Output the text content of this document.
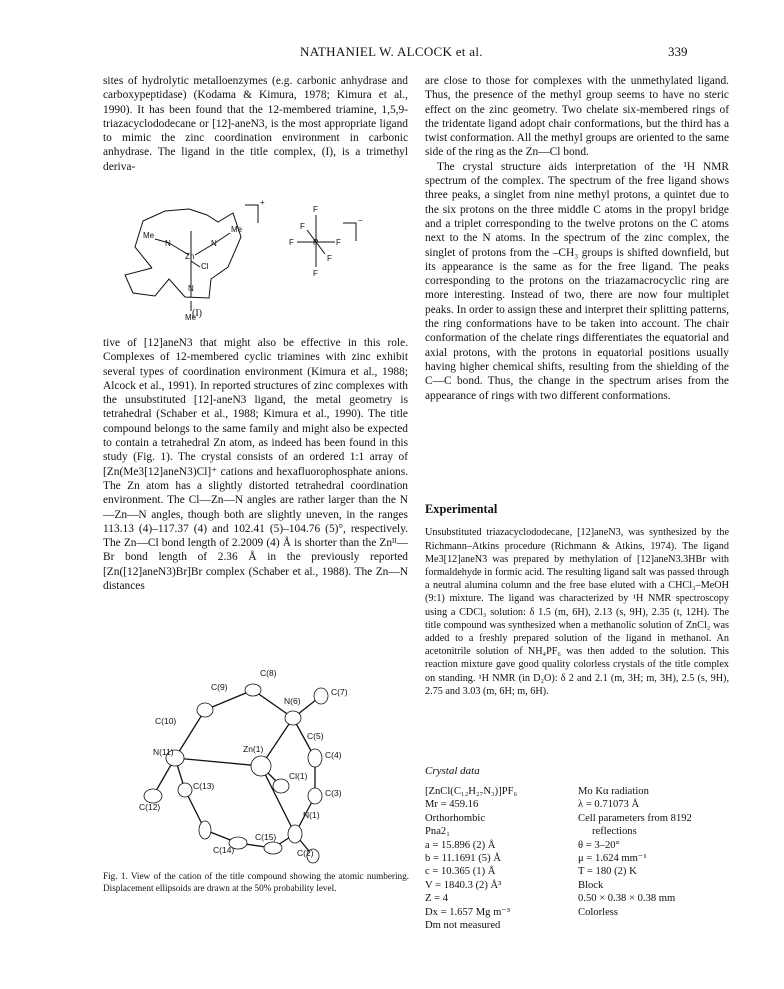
NATHANIEL W. ALCOCK et al.	339

sites of hydrolytic metalloenzymes (e.g. carbonic anhydrase and carboxypeptidase) (Kodama & Kimura, 1978; Kimura et al., 1990). It has been found that the 12-membered triamine, 1,5,9-triazacyclododecane or [12]-aneN3, is the most appropriate ligand to mimic the zinc coordination environment in carbonic anhydrase. The ligand in the title complex, (I), is a trimethyl deriva-

Me
N	N
Me
Zn
Cl
N
Me
+
F
F
F P F
F
F
−
(I)

tive of [12]aneN3 that might also be effective in this role. Complexes of 12-membered cyclic triamines with zinc exhibit several types of coordination environment (Kimura et al., 1988; Alcock et al., 1991). In reported structures of zinc complexes with the unsubstituted [12]-aneN3 ligand, the metal geometry is tetrahedral (Schaber et al., 1988; Kimura et al., 1990). The title compound belongs to the same family and might also be expected to contain a tetrahedral Zn atom, as indeed has been found in this study (Fig. 1). The crystal consists of an ordered 1:1 array of [Zn(Me3[12]aneN3)Cl]⁺ cations and hexafluorophosphate anions. The Zn atom has a slightly distorted tetrahedral coordination environment. The Cl—Zn—N angles are rather larger than the N—Zn—N angles, though both are slightly uneven, in the ranges 113.13 (4)–117.37 (4) and 102.41 (5)–104.76 (5)°, respectively. The Zn—Cl bond length of 2.2009 (4) Å is shorter than the Znᴵᴵ—Br bond length of 2.36 Å in the previously reported [Zn([12]aneN3)Br]Br complex (Schaber et al., 1988). The Zn—N distances

C(8)
C(9)
N(6)
C(7)
C(10)
C(5)
C(4)
Zn(1)
N(11)
Cl(1)
C(3)
C(13)
C(12)
N(1)
C(15)
C(14)	C(2)
Fig. 1. View of the cation of the title compound showing the atomic numbering. Displacement ellipsoids are drawn at the 50% probability level.

are close to those for complexes with the unmethylated ligand. Thus, the presence of the methyl group seems to have no steric effect on the zinc geometry. Two chelate six-membered rings of the tridentate ligand adopt chair conformations, but the third has a twist conformation. All the methyl groups are oriented to the same side of the ring as the Zn—Cl bond.

The crystal structure aids interpretation of the ¹H NMR spectrum of the complex. The spectrum of the free ligand shows three peaks, a singlet from nine methyl protons, a quintet due to the six protons on the three middle C atoms in the propyl bridge and a triplet corresponding to the twelve protons on the C atoms next to the N atoms. In the spectrum of the zinc complex, the singlet of protons from the –CH₃ groups is shifted downfield, but its appearance is the same as for the free ligand. The peaks corresponding to the protons on the triazamacrocyclic ring are more interesting. Instead of two, there are now four multiplet peaks. In order to assign these and interpret their splitting patterns, the ring conformations have to be taken into account. The chair conformation of the chelate rings differentiates the equatorial and axial protons, with the protons in equatorial positions usually having higher chemical shifts, resulting from the shielding of the C—C bond. Thus, the change in the spectrum arises from the appearance of rings with two different conformations.

Experimental

Unsubstituted triazacyclododecane, [12]aneN3, was synthesized by the Richmann–Atkins procedure (Richmann & Atkins, 1974). The ligand Me3[12]aneN3 was prepared by methylation of [12]aneN3.3HBr with formaldehyde in formic acid. The resulting ligand salt was passed through a neutral alumina column and the free base eluted with a CHCl₃–MeOH (9:1) mixture. The ligand was characterized by ¹H NMR spectroscopy using a CDCl₃ solution: δ 1.5 (m, 6H), 2.13 (s, 9H), 2.35 (t, 12H). The title compound was synthesized when a methanolic solution of ZnCl₂ was added to a freshly prepared solution of the ligand in methanol. An acetonitrile solution of NH₄PF₆ was then added to the solution. This reaction mixture gave good quality colorless crystals of the title complex on standing. ¹H NMR (in D₂O): δ 2 and 2.1 (m, 3H; m, 3H), 2.5 (s, 9H), 2.75 and 3.03 (m, 6H; m, 6H).

Crystal data
[ZnCl(C₁₂H₂₇N₃)]PF₆
Mr = 459.16
Orthorhombic
Pna2₁
a = 15.896 (2) Å
b = 11.1691 (5) Å
c = 10.365 (1) Å
V = 1840.3 (2) Å³
Z = 4
Dx = 1.657 Mg m⁻³
Dm not measured
Mo Kα radiation
λ = 0.71073 Å
Cell parameters from 8192
reflections
θ = 3–20°
μ = 1.624 mm⁻¹
T = 180 (2) K
Block
0.50 × 0.38 × 0.38 mm
Colorless
